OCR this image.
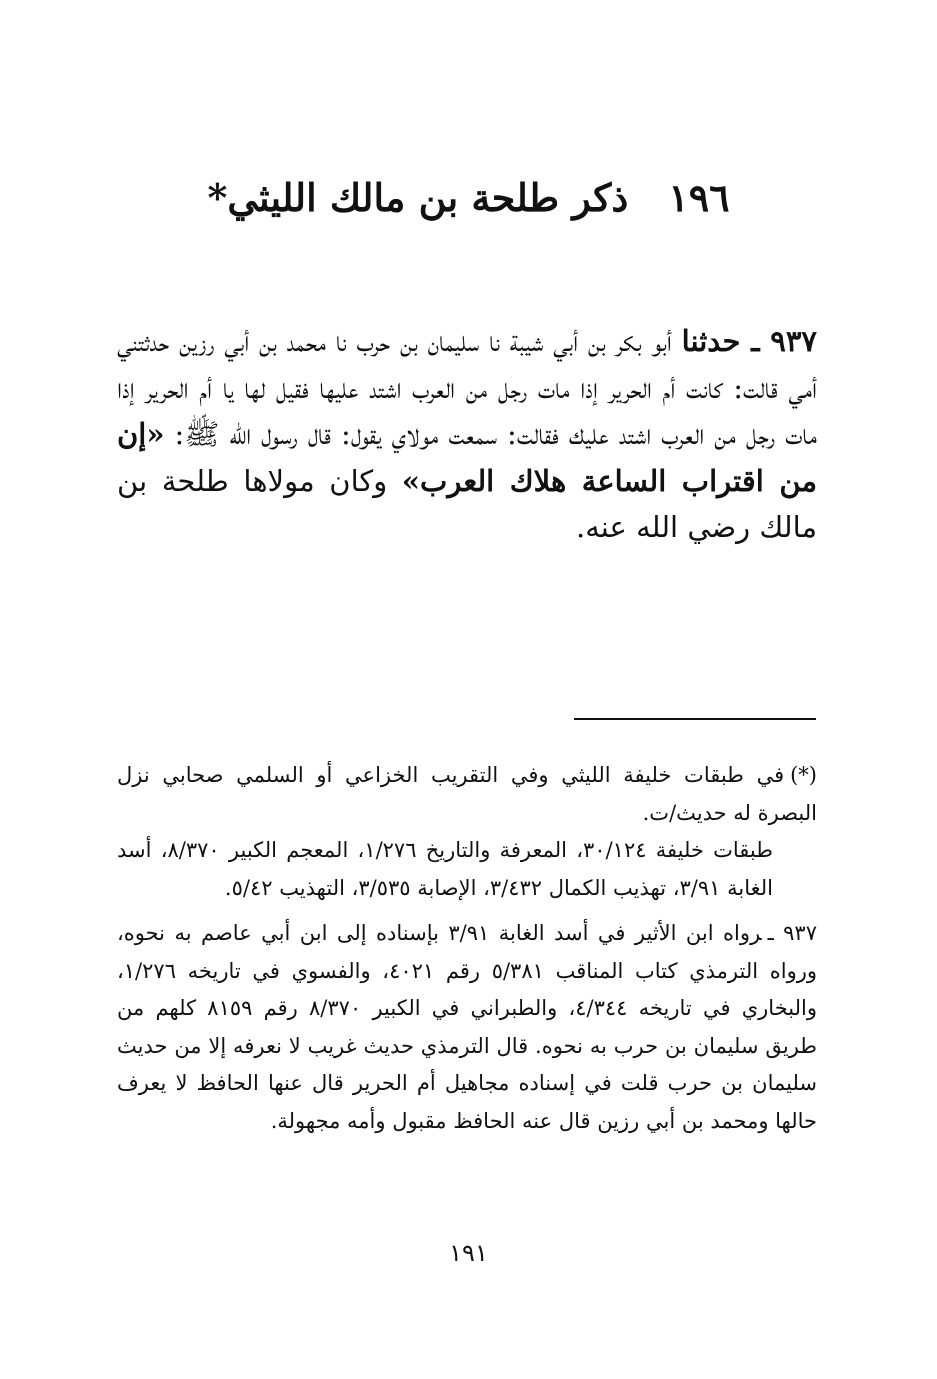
١٩٦ذكر طلحة بن مالك الليثي*
٩٣٧ ـ حدثنا أبو بكر بن أبي شيبة نا سليمان بن حرب نا محمد بن أبي رزين حدثتني أمي قالت: كانت أم الحرير إذا مات رجل من العرب اشتد عليها فقيل لها يا أم الحرير إذا مات رجل من العرب اشتد عليك فقالت: سمعت مولاي يقول: قال رسول الله ﷺ: «إن من اقتراب الساعة هلاك العرب» وكان مولاها طلحة بن مالك رضي الله عنه.
(*)في طبقات خليفة الليثي وفي التقريب الخزاعي أو السلمي صحابي نزل البصرة له حديث/ت.
طبقات خليفة ٣٠/١٢٤، المعرفة والتاريخ ١/٢٧٦، المعجم الكبير ٨/٣٧٠، أسد الغابة ٣/٩١، تهذيب الكمال ٣/٤٣٢، الإصابة ٣/٥٣٥، التهذيب ٥/٤٢.
٩٣٧ ـرواه ابن الأثير في أسد الغابة ٣/٩١ بإسناده إلى ابن أبي عاصم به نحوه، ورواه الترمذي كتاب المناقب ٥/٣٨١ رقم ٤٠٢١، والفسوي في تاريخه ١/٢٧٦، والبخاري في تاريخه ٤/٣٤٤، والطبراني في الكبير ٨/٣٧٠ رقم ٨١٥٩ كلهم من طريق سليمان بن حرب به نحوه. قال الترمذي حديث غريب لا نعرفه إلا من حديث سليمان بن حرب قلت في إسناده مجاهيل أم الحرير قال عنها الحافظ لا يعرف حالها ومحمد بن أبي رزين قال عنه الحافظ مقبول وأمه مجهولة.
١٩١
